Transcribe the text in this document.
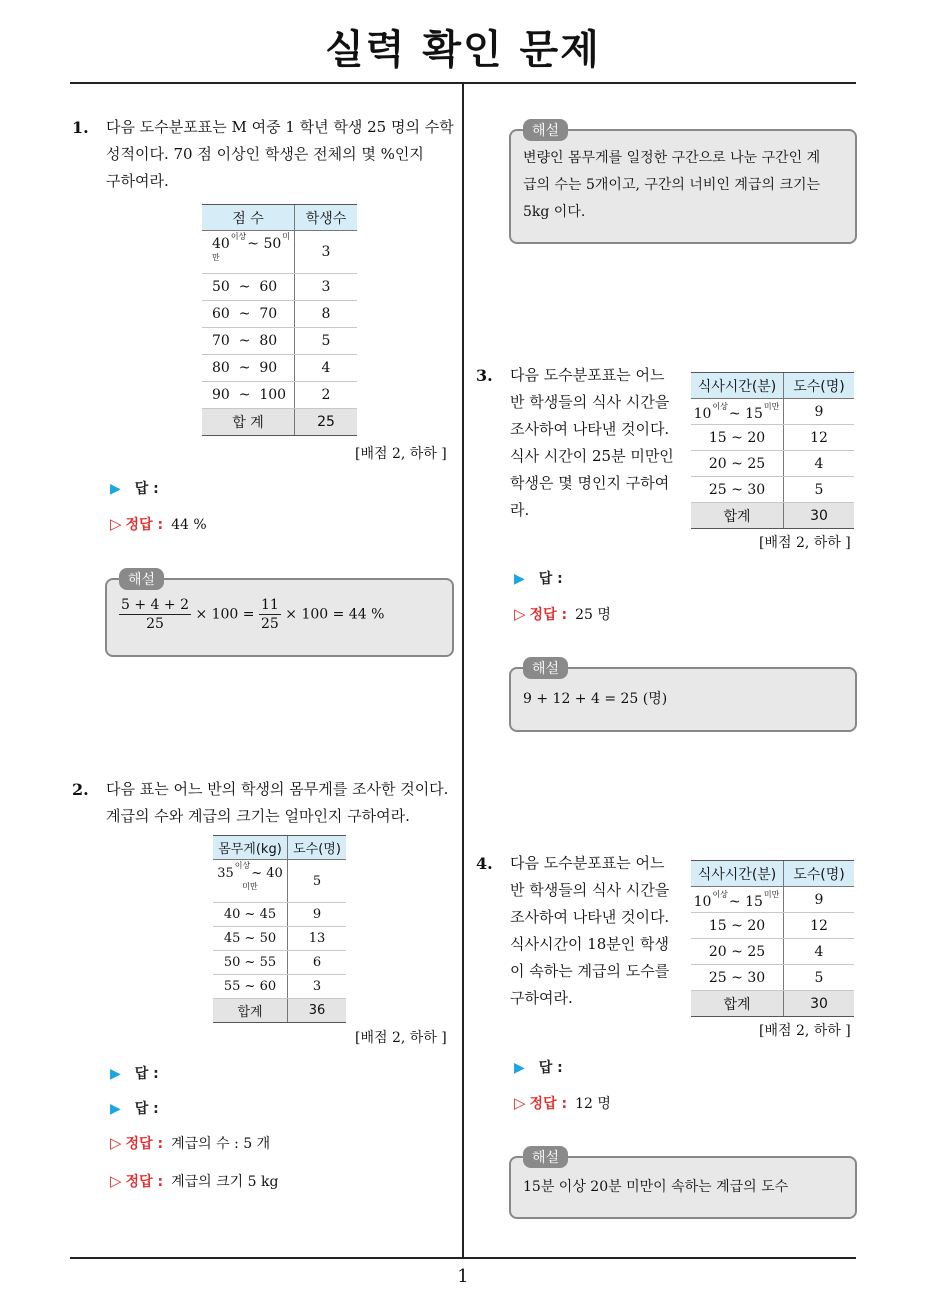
실력 확인 문제
1
1. 다음 도수분포표는 M 여중 1 학년 학생 25 명의 수학
성적이다. 70 점 이상인 학생은 전체의 몇 %인지
구하여라.
점 수	학생수
$40^{이상}\sim$ $50^{미만}$	3
50  ~  60	3
60  ~  70	8
70  ~  80	5
80  ~  90	4
90  ~  100	2
합 계	25
[배점 2, 하하 ]
▶ 답 :
▷ 정답 : 44 %
해설
$\frac{5 + 4 + 2}{25} \times 100 = \frac{11}{25} \times 100 = 44$ %
2. 다음 표는 어느 반의 학생의 몸무게를 조사한 것이다.
계급의 수와 계급의 크기는 얼마인지 구하여라.
몸무게(kg)	도수(명)
$35^{이상}\sim$ $40^{미만}$	5
40 ~ 45	9
45 ~ 50	13
50 ~ 55	6
55 ~ 60	3
합계	36
[배점 2, 하하 ]
▶ 답 :
▶ 답 :
▷ 정답 : 계급의 수 : 5 개
▷ 정답 : 계급의 크기 5 kg
해설
변량인 몸무게를 일정한 구간으로 나눈 구간인 계
급의 수는 5개이고, 구간의 너비인 계급의 크기는
5kg 이다.
3. 다음 도수분포표는 어느
반 학생들의 식사 시간을
조사하여 나타낸 것이다.
식사 시간이 25분 미만인
학생은 몇 명인지 구하여
라.
식사시간(분)	도수(명)
$10^{이상}\sim$ $15^{미만}$	9
15 ~ 20	12
20 ~ 25	4
25 ~ 30	5
합계	30
[배점 2, 하하 ]
▶ 답 :
▷ 정답 : 25 명
해설
9 + 12 + 4 = 25 (명)
4. 다음 도수분포표는 어느
반 학생들의 식사 시간을
조사하여 나타낸 것이다.
식사시간이 18분인 학생
이 속하는 계급의 도수를
구하여라.
식사시간(분)	도수(명)
$10^{이상}\sim$ $15^{미만}$	9
15 ~ 20	12
20 ~ 25	4
25 ~ 30	5
합계	30
[배점 2, 하하 ]
▶ 답 :
▷ 정답 : 12 명
해설
15분 이상 20분 미만이 속하는 계급의 도수
